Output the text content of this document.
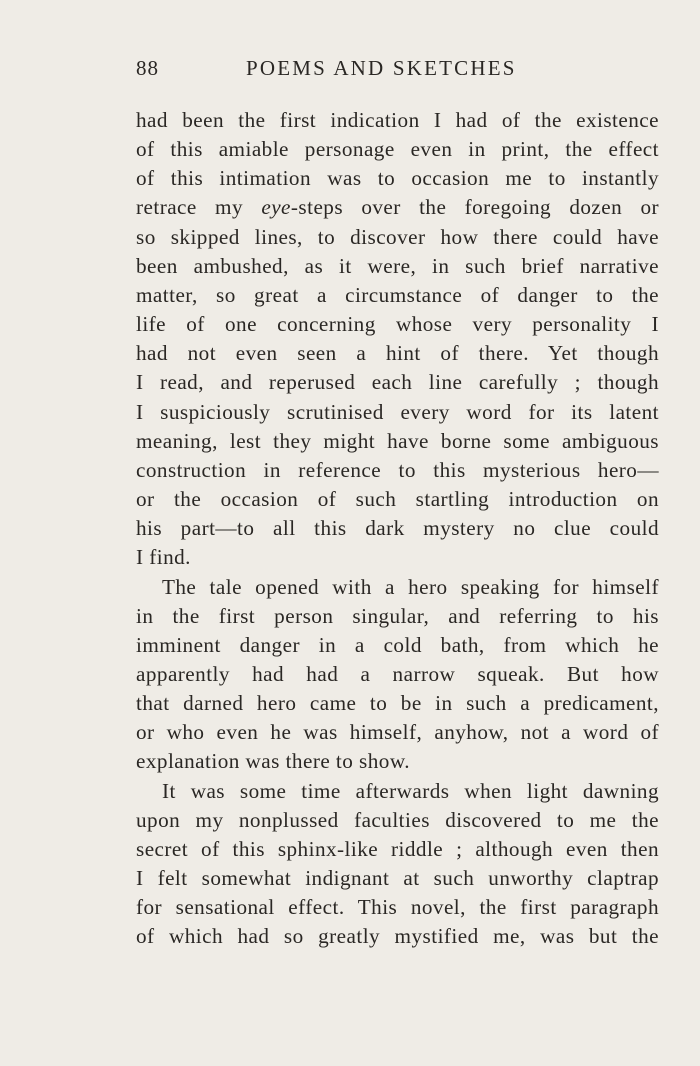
88	POEMS AND SKETCHES
had been the first indication I had of the existence
of this amiable personage even in print, the effect
of this intimation was to occasion me to instantly
retrace my eye-steps over the foregoing dozen or
so skipped lines, to discover how there could have
been ambushed, as it were, in such brief narrative
matter, so great a circumstance of danger to the
life of one concerning whose very personality I
had not even seen a hint of there. Yet though
I read, and reperused each line carefully ; though
I suspiciously scrutinised every word for its latent
meaning, lest they might have borne some ambiguous
construction in reference to this mysterious hero—
or the occasion of such startling introduction on
his part—to all this dark mystery no clue could
I find.
The tale opened with a hero speaking for himself
in the first person singular, and referring to his
imminent danger in a cold bath, from which he
apparently had had a narrow squeak. But how
that darned hero came to be in such a predicament,
or who even he was himself, anyhow, not a word of
explanation was there to show.
It was some time afterwards when light dawning
upon my nonplussed faculties discovered to me the
secret of this sphinx-like riddle ; although even then
I felt somewhat indignant at such unworthy claptrap
for sensational effect. This novel, the first paragraph
of which had so greatly mystified me, was but the
